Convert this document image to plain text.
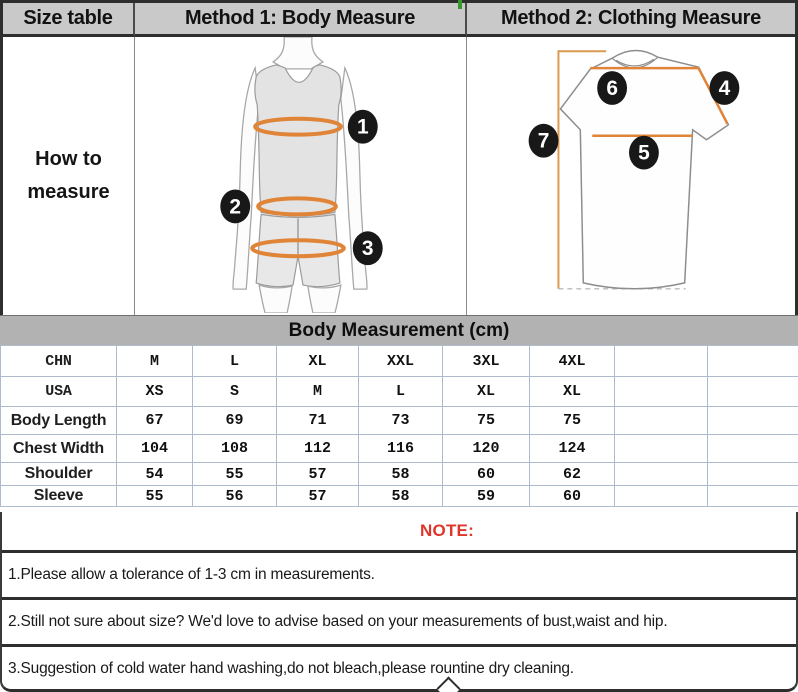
Size table	Method 1: Body Measure	Method 2: Clothing Measure
How to
measure
1
2
3
4
5
6
7
Body Measurement (cm)
CHN	M	L	XL	XXL	3XL	4XL		
USA	XS	S	M	L	XL	XL		
Body Length	67	69	71	73	75	75		
Chest Width	104	108	112	116	120	124		
Shoulder	54	55	57	58	60	62		
Sleeve	55	56	57	58	59	60		
NOTE:
1.Please allow a tolerance of 1-3 cm in measurements.
2.Still not sure about size? We'd love to advise based on your measurements of bust,waist and hip.
3.Suggestion of cold water hand washing,do not bleach,please rountine dry cleaning.
